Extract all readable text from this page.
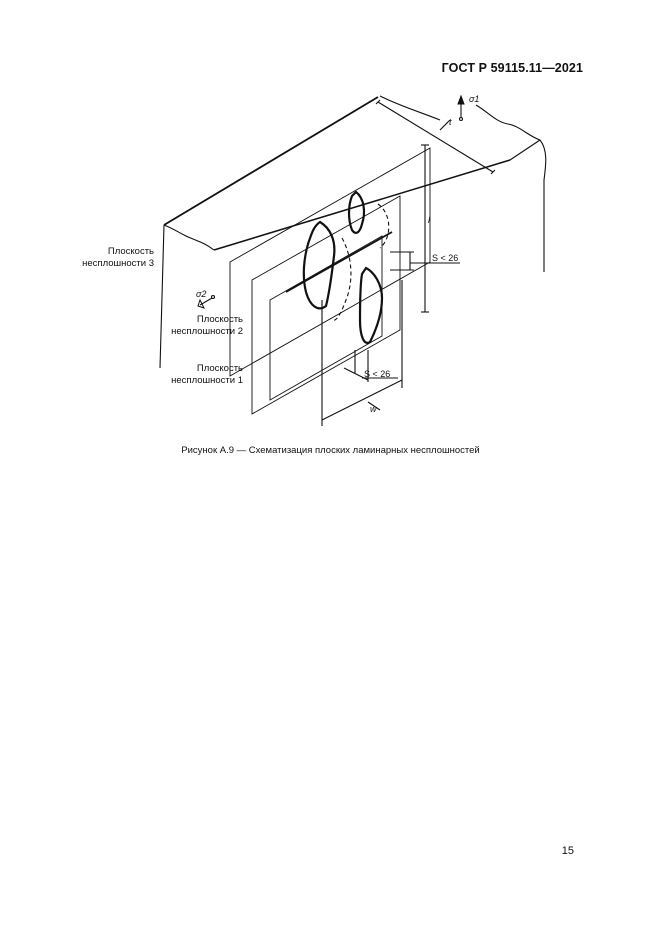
ГОСТ Р 59115.11—2021
σ1
σ2
t
l
S < 26
S < 26
w
Плоскость
несплошности 3
Плоскость
несплошности 2
Плоскость
несплошности 1
Рисунок А.9 — Схематизация плоских ламинарных несплошностей
15
